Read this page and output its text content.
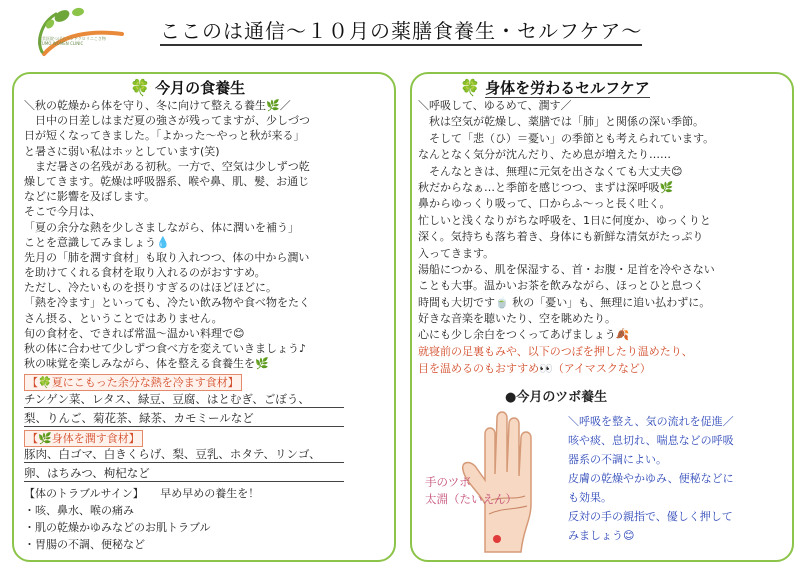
出雲医院つばらバンドクロリニこさ物
IZUMO WOMEN CLINIC
ここのは通信〜１０月の薬膳食養生・セルフケア〜
🍀 今月の食養生
＼秋の乾燥から体を守り、冬に向けて整える養生🌿／
　日中の日差しはまだ夏の強さが残ってますが、少しづつ
日が短くなってきました。「よかった〜やっと秋が来る」
と暑さに弱い私はホッとしています(笑)
　まだ暑さの名残がある初秋。一方で、空気は少しずつ乾
燥してきます。乾燥は呼吸器系、喉や鼻、肌、髪、お通じ
などに影響を及ぼします。
そこで今月は、
「夏の余分な熱を少しさましながら、体に潤いを補う」
ことを意識してみましょう💧
先月の「肺を潤す食材」も取り入れつつ、体の中から潤い
を助けてくれる食材を取り入れるのがおすすめ。
ただし、冷たいものを摂りすぎるのはほどほどに。
「熱を冷ます」といっても、冷たい飲み物や食べ物をたく
さん摂る、ということではありません。
旬の食材を、できれば常温〜温かい料理で😊
秋の体に合わせて少しずつ食べ方を変えていきましょう♪
秋の味覚を楽しみながら、体を整える食養生を🌿
【🍀夏にこもった余分な熱を冷ます食材】
チンゲン菜、レタス、緑豆、豆腐、はとむぎ、ごぼう、
梨、りんご、菊花茶、緑茶、カモミールなど
【🌿身体を潤す食材】
豚肉、白ゴマ、白きくらげ、梨、豆乳、ホタテ、リンゴ、
卵、はちみつ、枸杞など
【体のトラブルサイン】　　早め早めの養生を！
・咳、鼻水、喉の痛み
・肌の乾燥かゆみなどのお肌トラブル
・胃腸の不調、便秘など
🍀 身体を労わるセルフケア
＼呼吸して、ゆるめて、潤す／
　秋は空気が乾燥し、薬膳では「肺」と関係の深い季節。
　そして「悲（ひ）＝憂い」の季節とも考えられています。
なんとなく気分が沈んだり、ため息が増えたり……
　そんなときは、無理に元気を出さなくても大丈夫😊
秋だからなぁ…と季節を感じつつ、まずは深呼吸🌿
鼻からゆっくり吸って、口からふ〜っと長く吐く。
忙しいと浅くなりがちな呼吸を、1日に何度か、ゆっくりと
深く。気持ちも落ち着き、身体にも新鮮な清気がたっぷり
入ってきます。
湯船につかる、肌を保湿する、首・お腹・足首を冷やさない
ことも大事。温かいお茶を飲みながら、ほっとひと息つく
時間も大切です🍵 秋の「憂い」も、無理に追い払わずに。
好きな音楽を聴いたり、空を眺めたり。
心にも少し余白をつくってあげましょう🍂
就寝前の足裏もみや、以下のつぼを押したり温めたり、
目を温めるのもおすすめ👀（アイマスクなど）
●今月のツボ養生
手のツボ
太淵（たいえん）
＼呼吸を整え、気の流れを促進／
咳や痰、息切れ、喘息などの呼吸
器系の不調によい。
皮膚の乾燥やかゆみ、便秘などに
も効果。
反対の手の親指で、優しく押して
みましょう😊
